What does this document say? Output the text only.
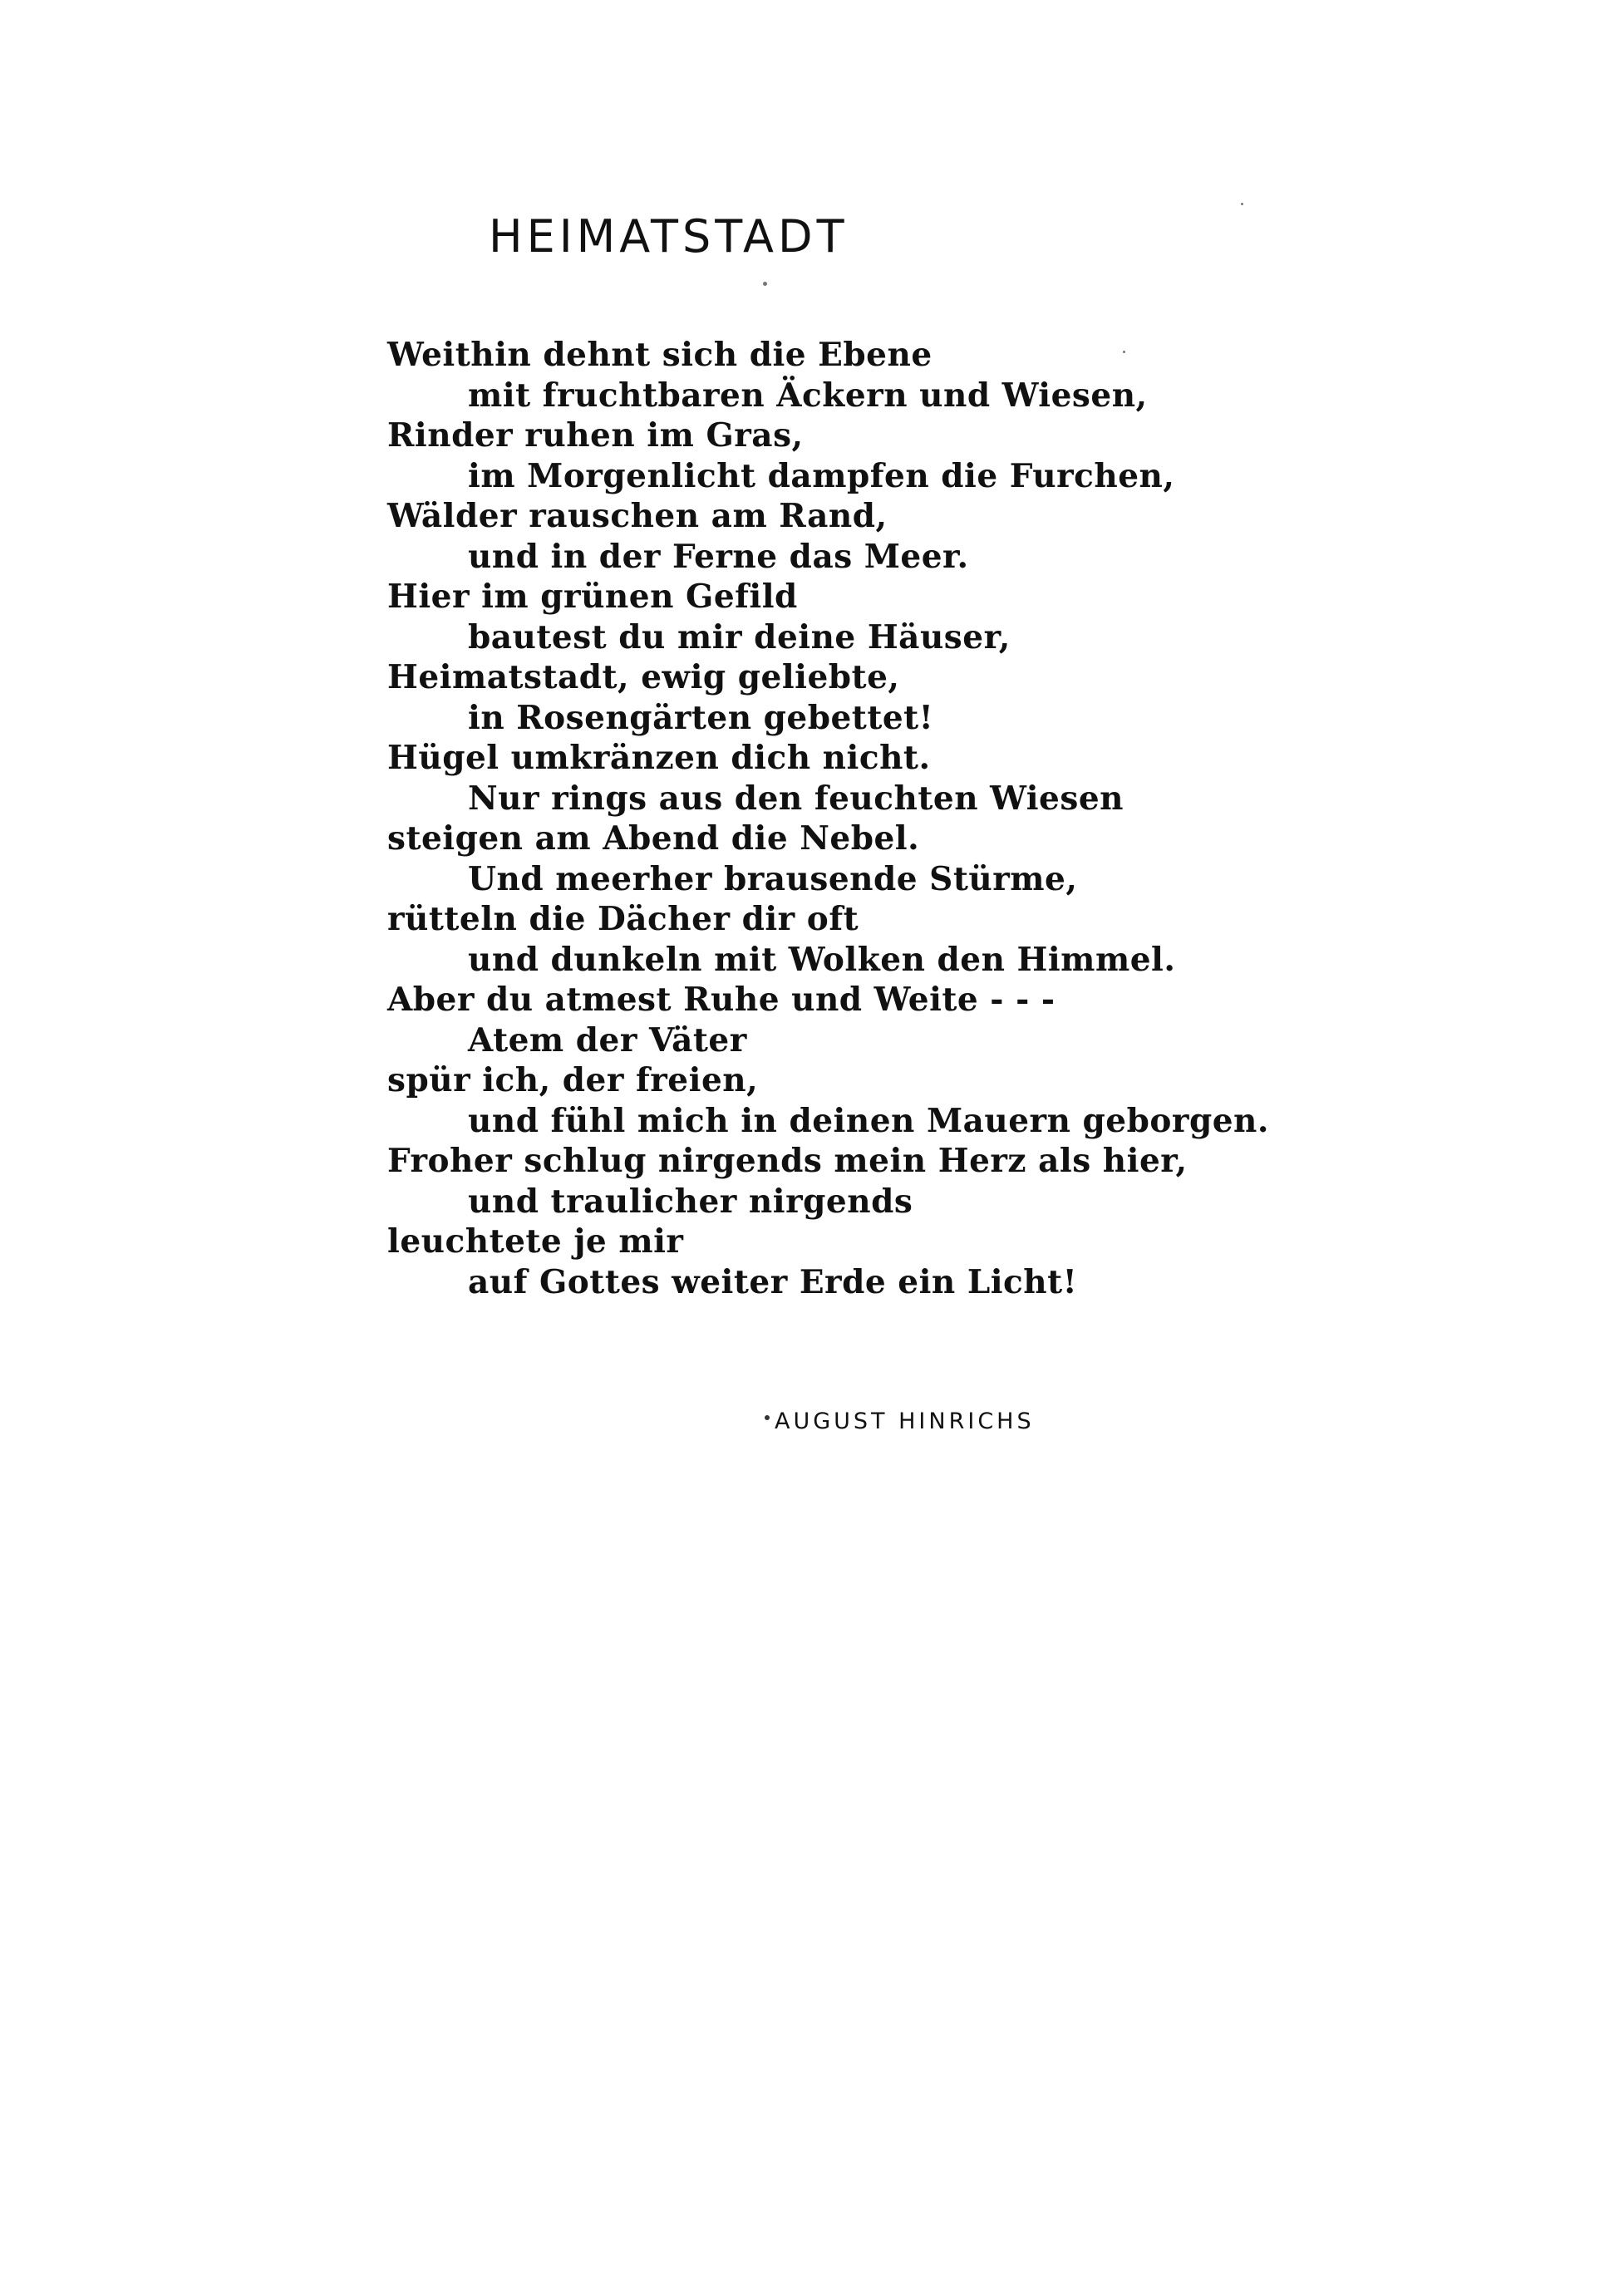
HEIMATSTADT
Weithin dehnt sich die Ebene
mit fruchtbaren Äckern und Wiesen,
Rinder ruhen im Gras,
im Morgenlicht dampfen die Furchen,
Wälder rauschen am Rand,
und in der Ferne das Meer.
Hier im grünen Gefild
bautest du mir deine Häuser,
Heimatstadt, ewig geliebte,
in Rosengärten gebettet!
Hügel umkränzen dich nicht.
Nur rings aus den feuchten Wiesen
steigen am Abend die Nebel.
Und meerher brausende Stürme,
rütteln die Dächer dir oft
und dunkeln mit Wolken den Himmel.
Aber du atmest Ruhe und Weite - - -
Atem der Väter
spür ich, der freien,
und fühl mich in deinen Mauern geborgen.
Froher schlug nirgends mein Herz als hier,
und traulicher nirgends
leuchtete je mir
auf Gottes weiter Erde ein Licht!
AUGUST HINRICHS
